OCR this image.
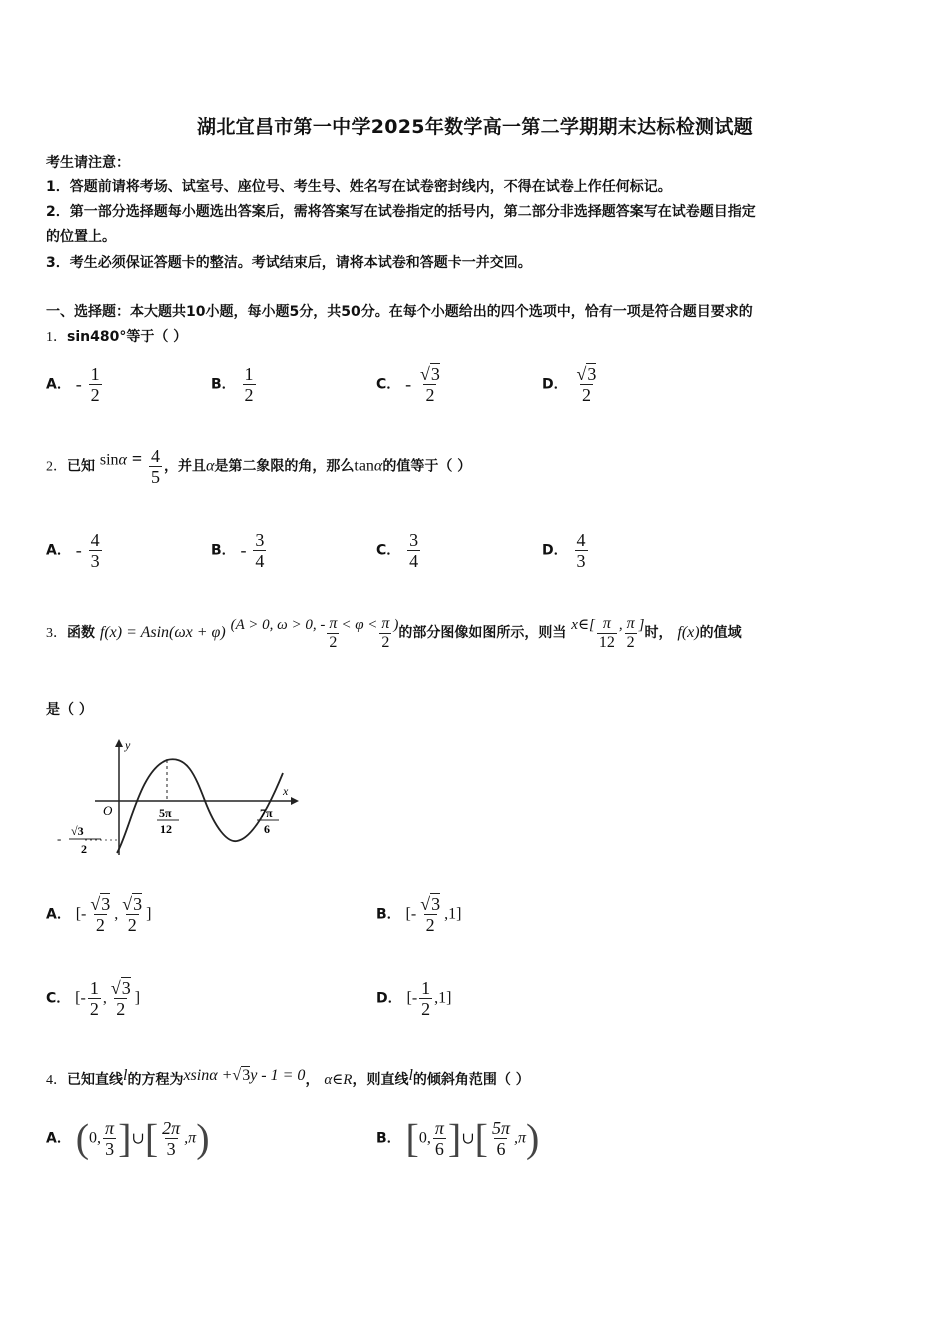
湖北宜昌市第一中学2025年数学高一第二学期期末达标检测试题
考生请注意：
1．答题前请将考场、试室号、座位号、考生号、姓名写在试卷密封线内，不得在试卷上作任何标记。
2．第一部分选择题每小题选出答案后，需将答案写在试卷指定的括号内，第二部分非选择题答案写在试卷题目指定
的位置上。
3．考生必须保证答题卡的整洁。考试结束后，请将本试卷和答题卡一并交回。
一、选择题：本大题共10小题，每小题5分，共50分。在每个小题给出的四个选项中，恰有一项是符合题目要求的
1．sin480°等于（ ）
A． - $\frac{1}{2}$	B． $\frac{1}{2}$	C． - $\frac{√3}{2}$	D． $\frac{√3}{2}$
2．已知 $\sin\alpha = \frac{4}{5}$ ，并且α是第二象限的角，那么tanα的值等于（ ）
A． - $\frac{4}{3}$	B． - $\frac{3}{4}$	C． $\frac{3}{4}$	D． $\frac{4}{3}$
3．函数 f(x) = Asin(ωx + φ) (A > 0, ω > 0, - $\frac{\pi}{2} < \varphi < \frac{\pi}{2}$ )的部分图像如图所示，则当 x∈[ $\frac{\pi}{12}$ , $\frac{\pi}{2}$ ]时， f(x)的值域
是（ ）
y
x
O	5π
12
7π
6
- √3
2
A． [- $\frac{√3}{2}$ , $\frac{√3}{2}$ ]	B． [- $\frac{√3}{2} ,1$]
C． [- $\frac{1}{2}$ , $\frac{√3}{2}$ ]	D． [- $\frac{1}{2} ,1$]
4．已知直线l的方程为xsinα +√3y - 1 = 0， α∈R，则直线l的倾斜角范围（ ）
A． (0, $\frac{\pi}{3}$ ]∪[ $\frac{2\pi}{3} ,\pi$)	B． [0, $\frac{\pi}{6}$ ]∪[ $\frac{5\pi}{6} ,\pi$)
